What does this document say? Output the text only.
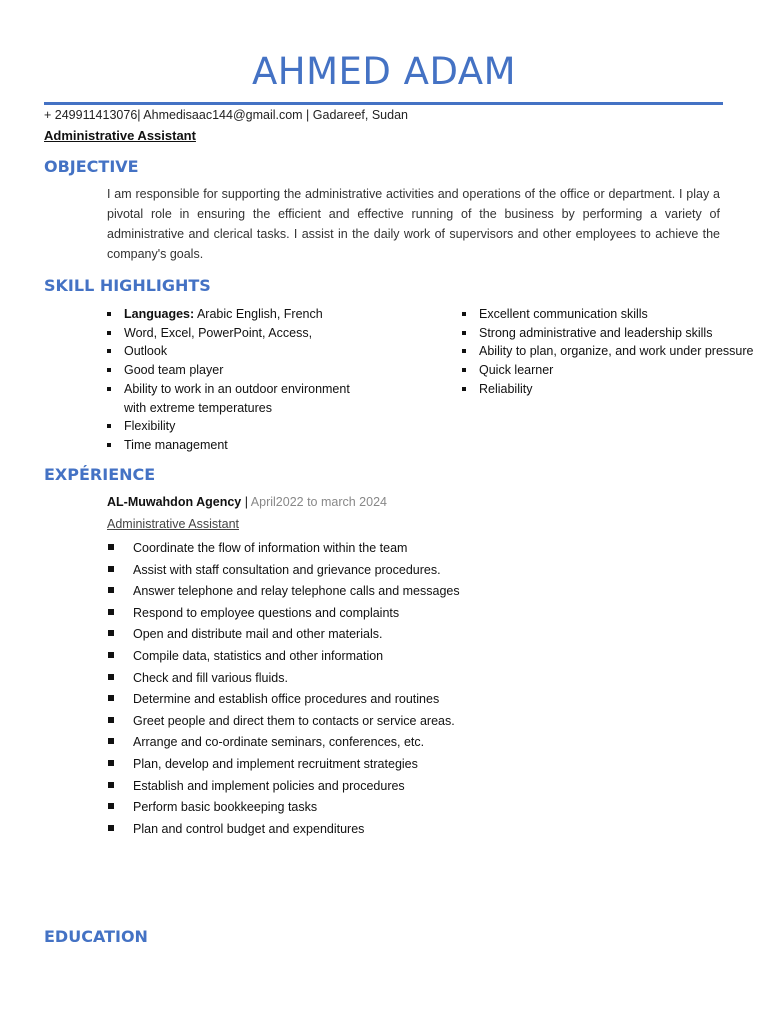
AHMED ADAM
+ 249911413076| Ahmedisaac144@gmail.com | Gadareef, Sudan
Administrative Assistant
OBJECTIVE
I am responsible for supporting the administrative activities and operations of the office or department. I play a pivotal role in ensuring the efficient and effective running of the business by performing a variety of administrative and clerical tasks. I assist in the daily work of supervisors and other employees to achieve the company's goals.
SKILL HIGHLIGHTS
Languages: Arabic English, French
Word, Excel, PowerPoint, Access,
Outlook
Good team player
Ability to work in an outdoor environment with extreme temperatures
Flexibility
Time management
Excellent communication skills
Strong administrative and leadership skills
Ability to plan, organize, and work under pressure
Quick learner
Reliability
EXPÉRIENCE
AL-Muwahdon Agency | April2022 to march 2024
Administrative Assistant
Coordinate the flow of information within the team
Assist with staff consultation and grievance procedures.
Answer telephone and relay telephone calls and messages
Respond to employee questions and complaints
Open and distribute mail and other materials.
Compile data, statistics and other information
Check and fill various fluids.
Determine and establish office procedures and routines
Greet people and direct them to contacts or service areas.
Arrange and co-ordinate seminars, conferences, etc.
Plan, develop and implement recruitment strategies
Establish and implement policies and procedures
Perform basic bookkeeping tasks
Plan and control budget and expenditures
EDUCATION
